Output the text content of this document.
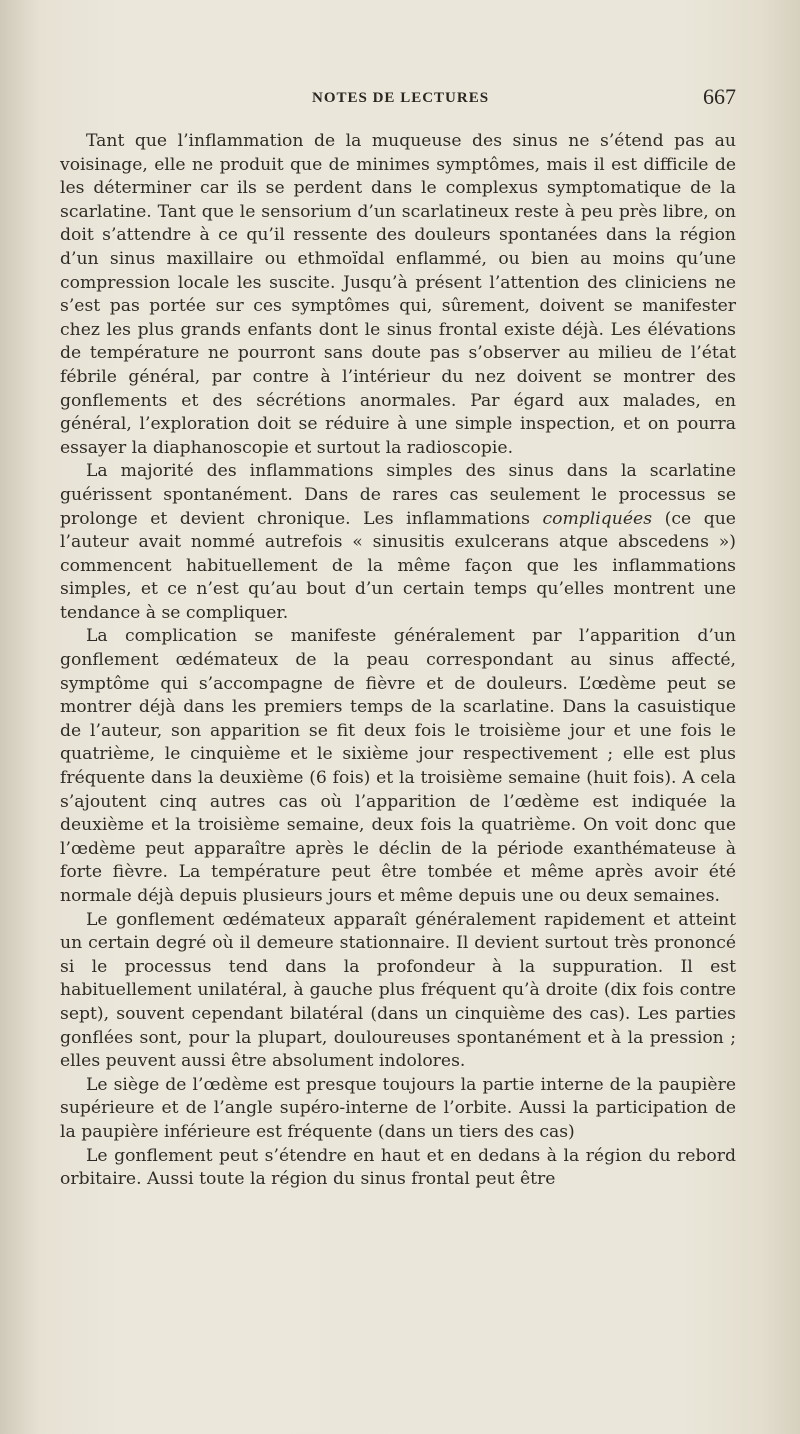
NOTES DE LECTURES	667

Tant que l’inflammation de la muqueuse des sinus ne s’étend pas au voisinage, elle ne produit que de minimes symptômes, mais il est difficile de les déterminer car ils se perdent dans le complexus symptomatique de la scarlatine. Tant que le sensorium d’un scarlatineux reste à peu près libre, on doit s’attendre à ce qu’il ressente des douleurs spontanées dans la région d’un sinus maxillaire ou ethmoïdal enflammé, ou bien au moins qu’une compression locale les suscite. Jusqu’à présent l’attention des cliniciens ne s’est pas portée sur ces symptômes qui, sûrement, doivent se manifester chez les plus grands enfants dont le sinus frontal existe déjà. Les élévations de température ne pourront sans doute pas s’observer au milieu de l’état fébrile général, par contre à l’intérieur du nez doivent se montrer des gonflements et des sécrétions anormales. Par égard aux malades, en général, l’exploration doit se réduire à une simple inspection, et on pourra essayer la diaphanoscopie et surtout la radioscopie.

La majorité des inflammations simples des sinus dans la scarlatine guérissent spontanément. Dans de rares cas seulement le processus se prolonge et devient chronique. Les inflammations compliquées (ce que l’auteur avait nommé autrefois « sinusitis exulcerans atque abscedens ») commencent habituellement de la même façon que les inflammations simples, et ce n’est qu’au bout d’un certain temps qu’elles montrent une tendance à se compliquer.

La complication se manifeste généralement par l’apparition d’un gonflement œdémateux de la peau correspondant au sinus affecté, symptôme qui s’accompagne de fièvre et de douleurs. L’œdème peut se montrer déjà dans les premiers temps de la scarlatine. Dans la casuistique de l’auteur, son apparition se fit deux fois le troisième jour et une fois le quatrième, le cinquième et le sixième jour respectivement ; elle est plus fréquente dans la deuxième (6 fois) et la troisième semaine (huit fois). A cela s’ajoutent cinq autres cas où l’apparition de l’œdème est indiquée la deuxième et la troisième semaine, deux fois la quatrième. On voit donc que l’œdème peut apparaître après le déclin de la période exanthémateuse à forte fièvre. La température peut être tombée et même après avoir été normale déjà depuis plusieurs jours et même depuis une ou deux semaines.

Le gonflement œdémateux apparaît généralement rapidement et atteint un certain degré où il demeure stationnaire. Il devient surtout très prononcé si le processus tend dans la profondeur à la suppuration. Il est habituellement unilatéral, à gauche plus fréquent qu’à droite (dix fois contre sept), souvent cependant bilatéral (dans un cinquième des cas). Les parties gonflées sont, pour la plupart, douloureuses spontanément et à la pression ; elles peuvent aussi être absolument indolores.

Le siège de l’œdème est presque toujours la partie interne de la paupière supérieure et de l’angle supéro-interne de l’orbite. Aussi la participation de la paupière inférieure est fréquente (dans un tiers des cas)

Le gonflement peut s’étendre en haut et en dedans à la région du rebord orbitaire. Aussi toute la région du sinus frontal peut être
